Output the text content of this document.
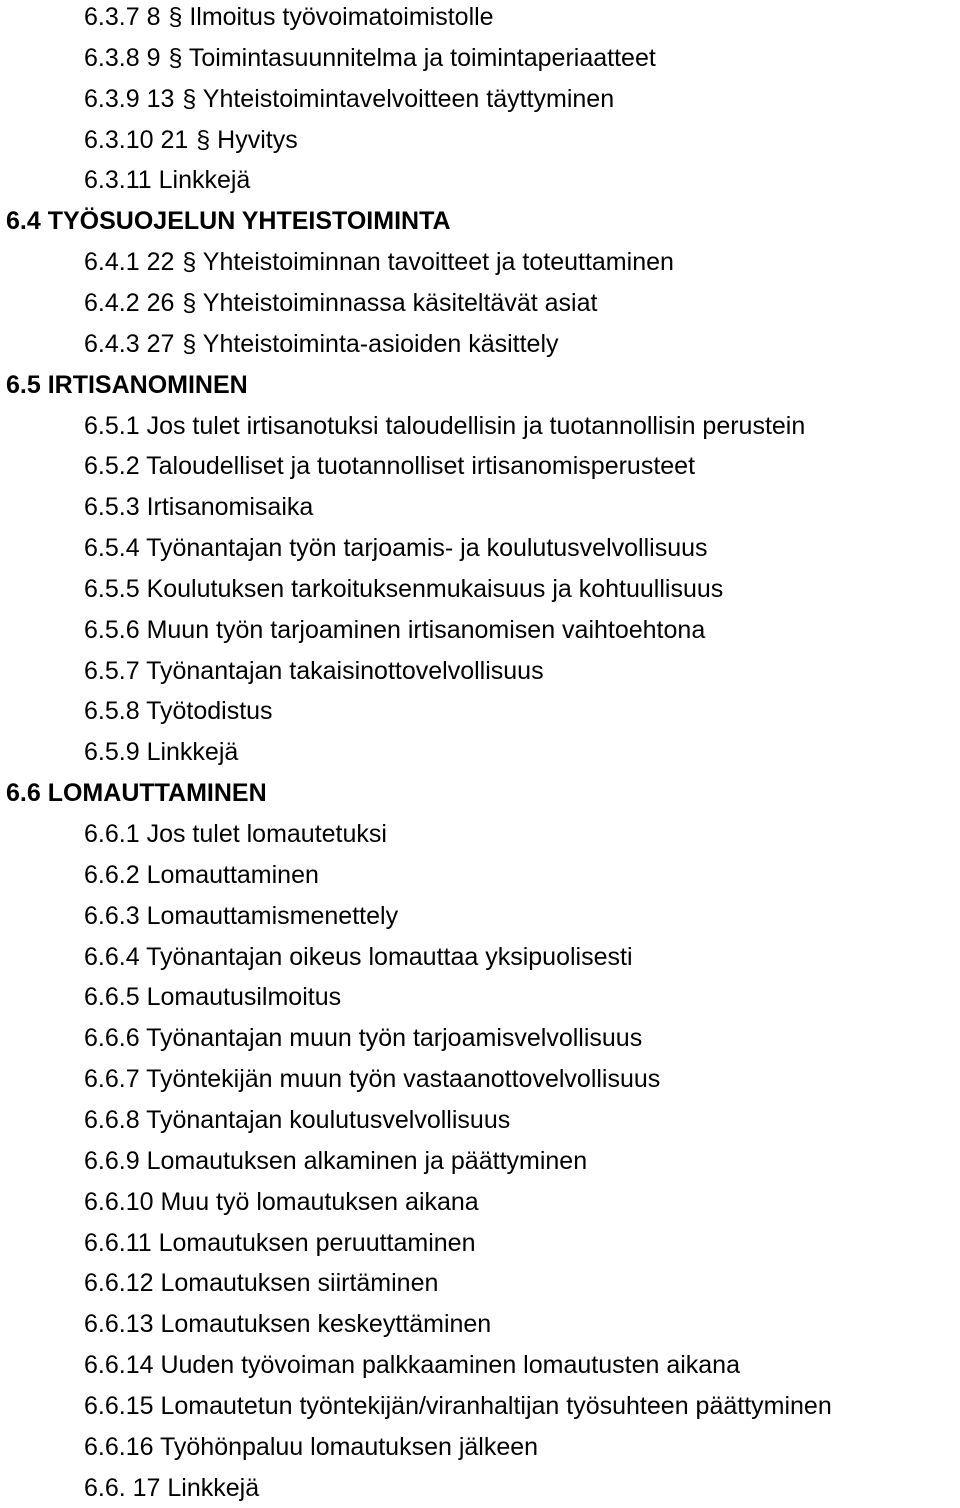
6.3.7 8 § Ilmoitus työvoimatoimistolle
6.3.8 9 § Toimintasuunnitelma ja toimintaperiaatteet
6.3.9 13 § Yhteistoimintavelvoitteen täyttyminen
6.3.10 21 § Hyvitys
6.3.11 Linkkejä
6.4 TYÖSUOJELUN YHTEISTOIMINTA
6.4.1 22 § Yhteistoiminnan tavoitteet ja toteuttaminen
6.4.2 26 § Yhteistoiminnassa käsiteltävät asiat
6.4.3 27 § Yhteistoiminta-asioiden käsittely
6.5 IRTISANOMINEN
6.5.1 Jos tulet irtisanotuksi taloudellisin ja tuotannollisin perustein
6.5.2 Taloudelliset ja tuotannolliset irtisanomisperusteet
6.5.3 Irtisanomisaika
6.5.4 Työnantajan työn tarjoamis- ja koulutusvelvollisuus
6.5.5 Koulutuksen tarkoituksenmukaisuus ja kohtuullisuus
6.5.6 Muun työn tarjoaminen irtisanomisen vaihtoehtona
6.5.7 Työnantajan takaisinottovelvollisuus
6.5.8 Työtodistus
6.5.9 Linkkejä
6.6 LOMAUTTAMINEN
6.6.1 Jos tulet lomautetuksi
6.6.2 Lomauttaminen
6.6.3 Lomauttamismenettely
6.6.4 Työnantajan oikeus lomauttaa yksipuolisesti
6.6.5 Lomautusilmoitus
6.6.6 Työnantajan muun työn tarjoamisvelvollisuus
6.6.7 Työntekijän muun työn vastaanottovelvollisuus
6.6.8 Työnantajan koulutusvelvollisuus
6.6.9 Lomautuksen alkaminen ja päättyminen
6.6.10 Muu työ lomautuksen aikana
6.6.11 Lomautuksen peruuttaminen
6.6.12 Lomautuksen siirtäminen
6.6.13 Lomautuksen keskeyttäminen
6.6.14 Uuden työvoiman palkkaaminen lomautusten aikana
6.6.15 Lomautetun työntekijän/viranhaltijan työsuhteen päättyminen
6.6.16 Työhönpaluu lomautuksen jälkeen
6.6. 17 Linkkejä
